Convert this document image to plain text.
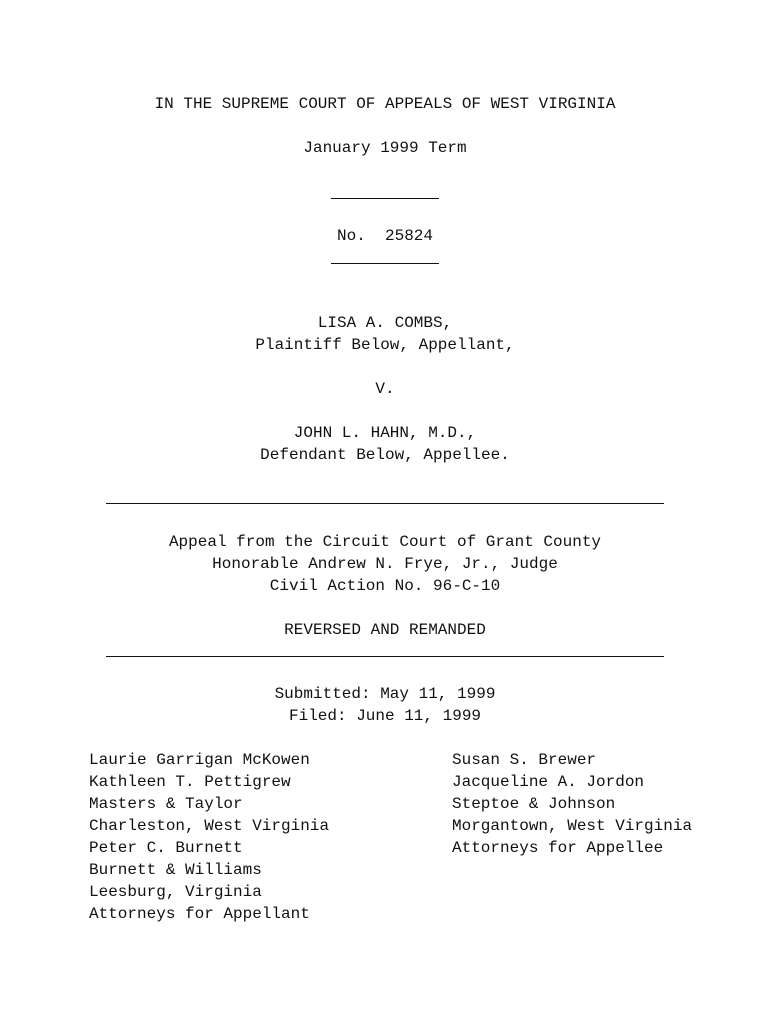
IN THE SUPREME COURT OF APPEALS OF WEST VIRGINIA
January 1999 Term
No.  25824
LISA A. COMBS,
Plaintiff Below, Appellant,
V.
JOHN L. HAHN, M.D.,
Defendant Below, Appellee.
Appeal from the Circuit Court of Grant County
Honorable Andrew N. Frye, Jr., Judge
Civil Action No. 96-C-10
REVERSED AND REMANDED
Submitted: May 11, 1999
Filed: June 11, 1999
Laurie Garrigan McKowen
Kathleen T. Pettigrew
Masters & Taylor
Charleston, West Virginia
Peter C. Burnett
Burnett & Williams
Leesburg, Virginia
Attorneys for Appellant
Susan S. Brewer
Jacqueline A. Jordon
Steptoe & Johnson
Morgantown, West Virginia
Attorneys for Appellee
